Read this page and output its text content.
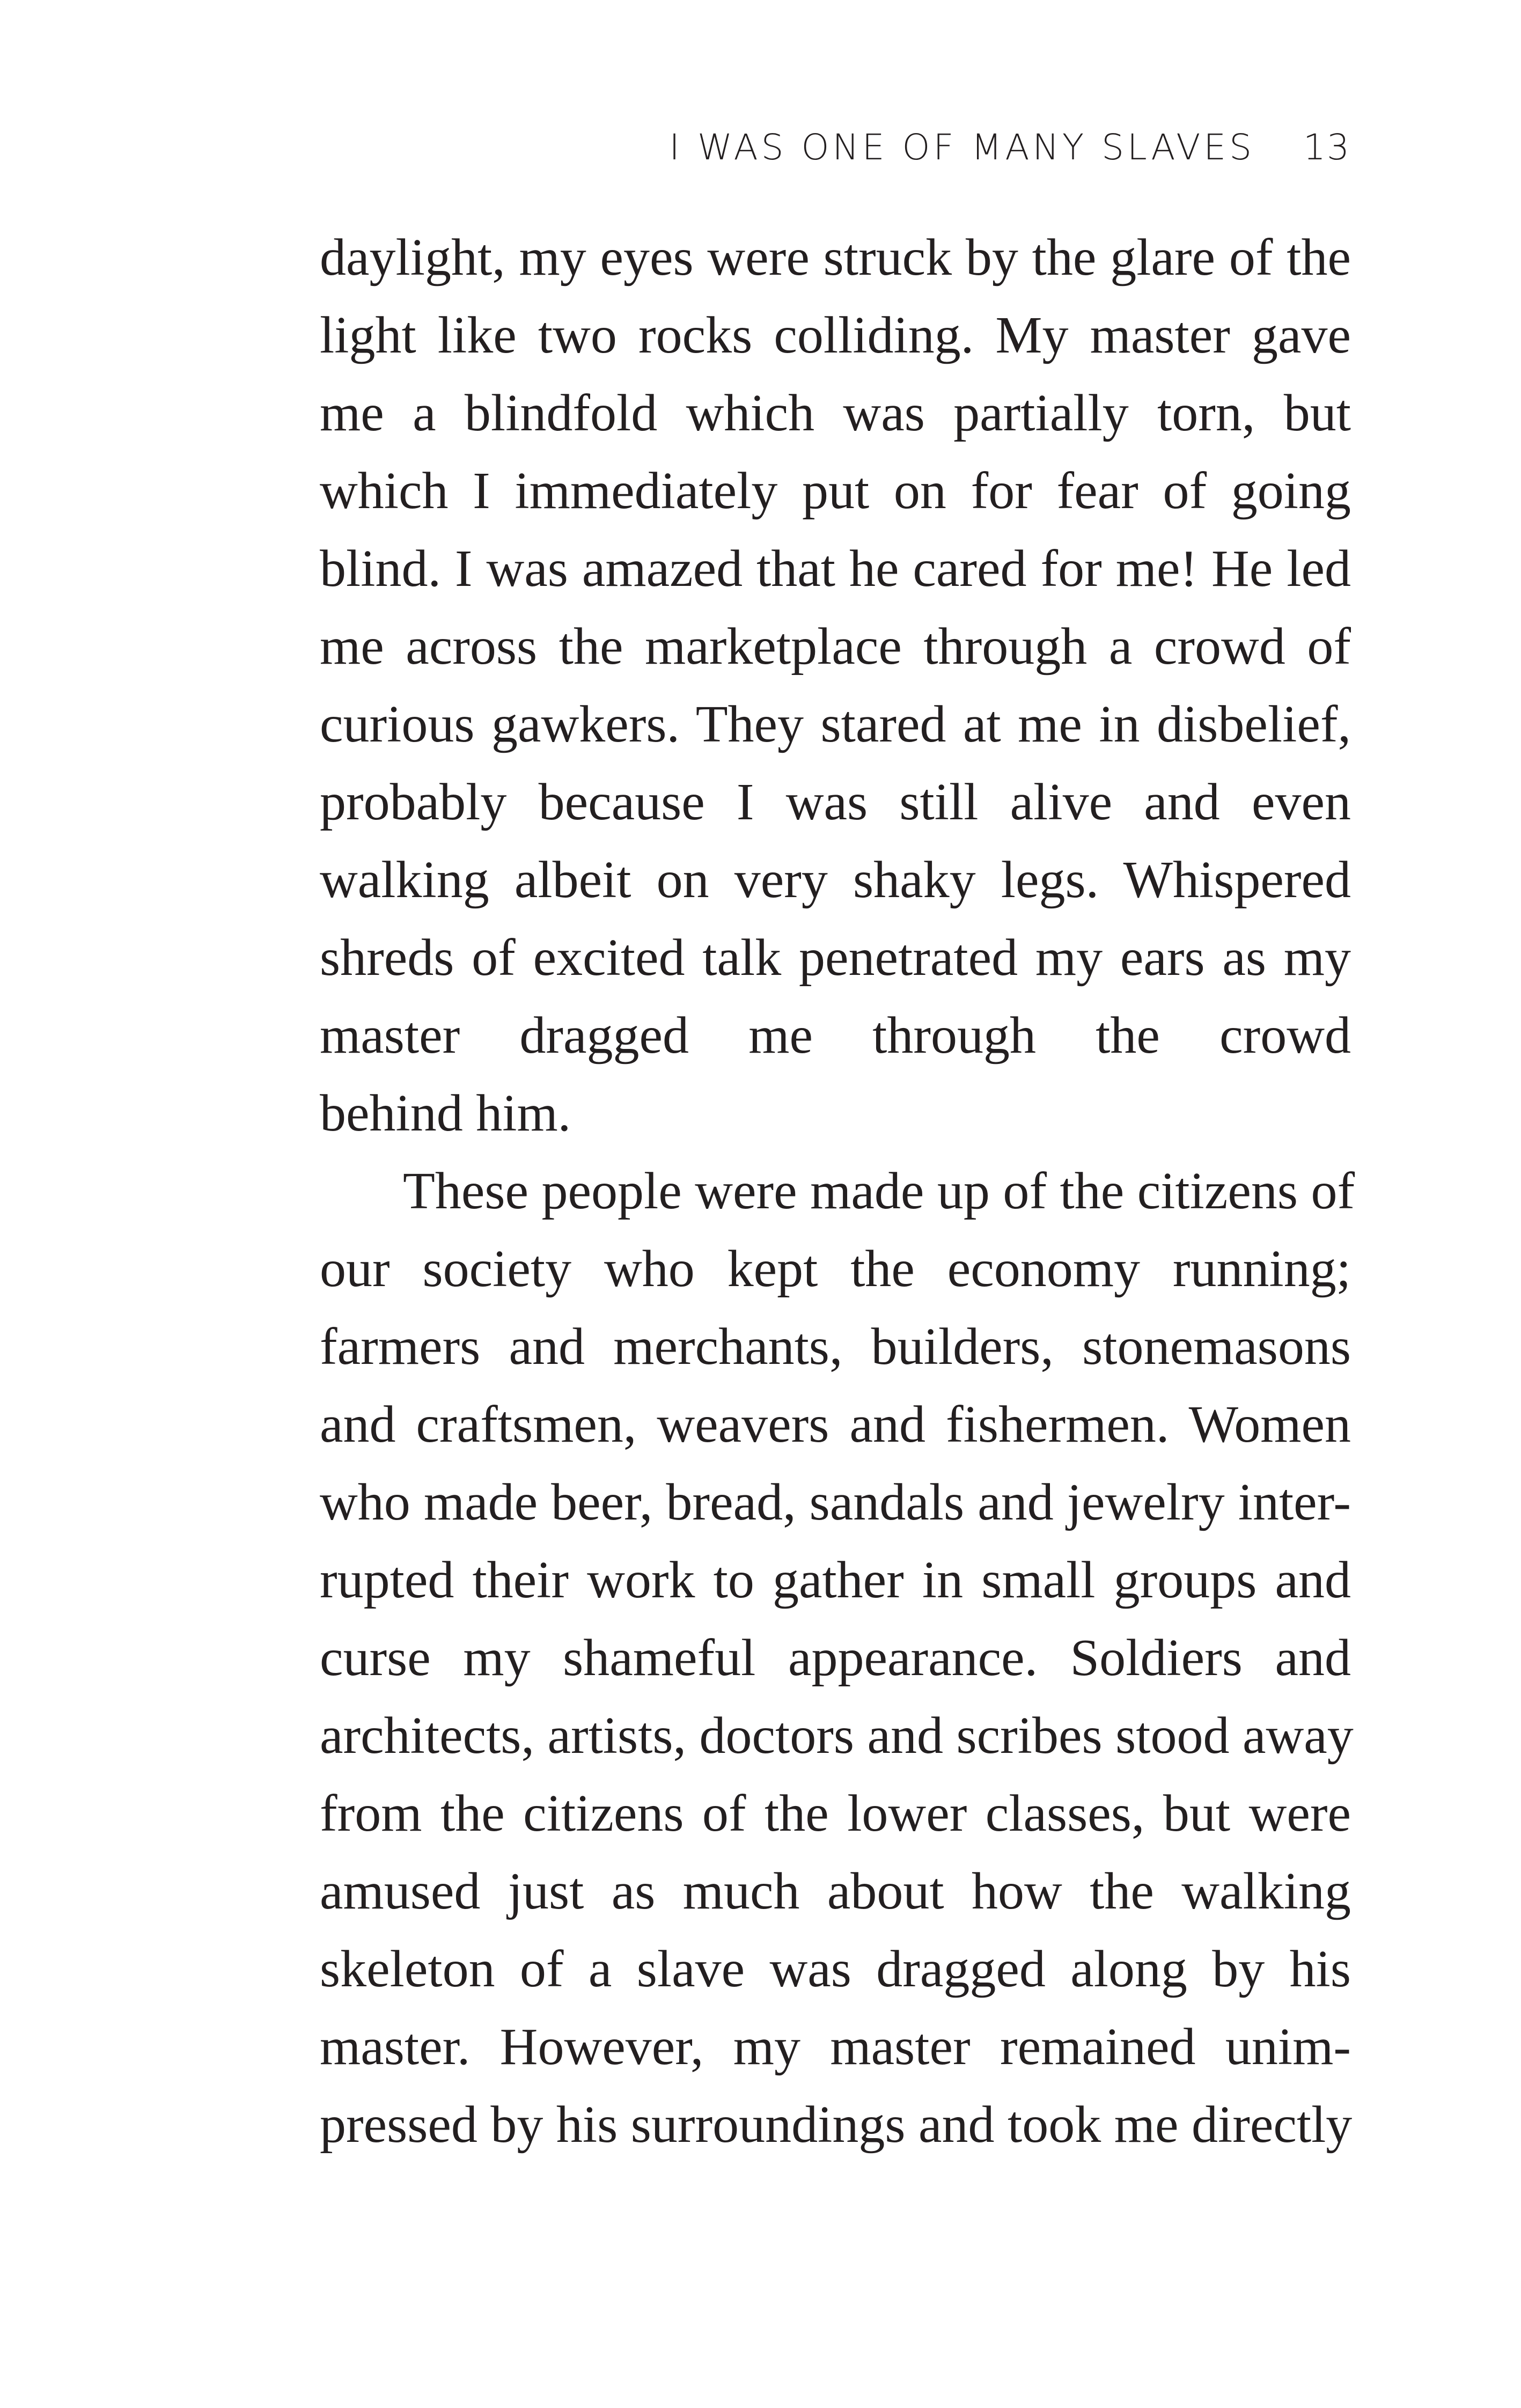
I WAS ONE OF MANY SLAVES 13
daylight, my eyes were struck by the glare of the
light like two rocks colliding. My master gave
me a blindfold which was partially torn, but
which I immediately put on for fear of going
blind. I was amazed that he cared for me! He led
me across the marketplace through a crowd of
curious gawkers. They stared at me in disbelief,
probably because I was still alive and even
walking albeit on very shaky legs. Whispered
shreds of excited talk penetrated my ears as my
master dragged me through the crowd
behind him.
These people were made up of the citizens of
our society who kept the economy running;
farmers and merchants, builders, stonemasons
and craftsmen, weavers and fishermen. Women
who made beer, bread, sandals and jewelry inter-
rupted their work to gather in small groups and
curse my shameful appearance. Soldiers and
architects, artists, doctors and scribes stood away
from the citizens of the lower classes, but were
amused just as much about how the walking
skeleton of a slave was dragged along by his
master. However, my master remained unim-
pressed by his surroundings and took me directly
